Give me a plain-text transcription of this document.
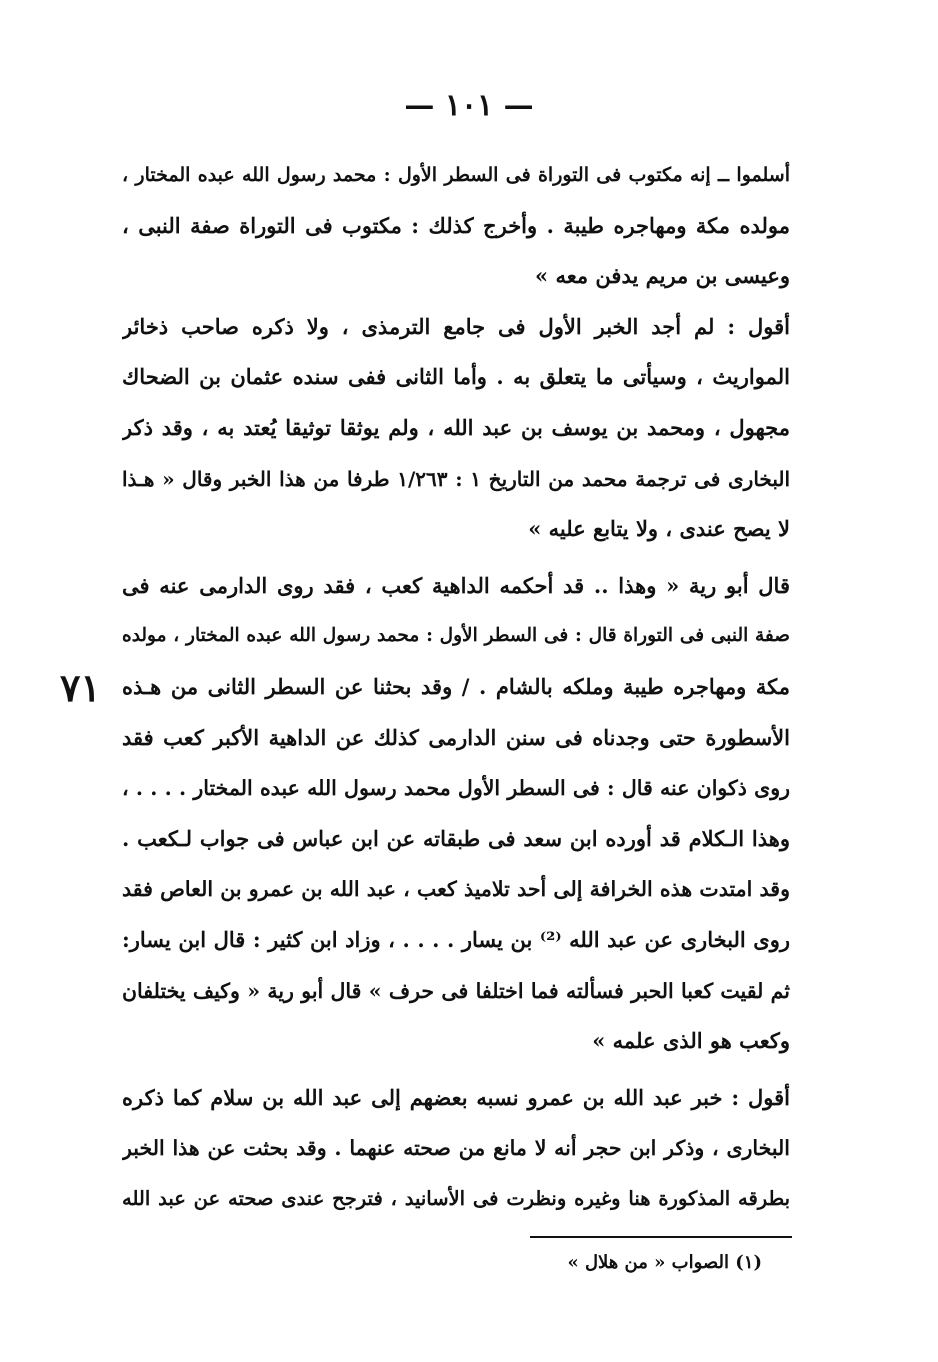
— ١٠١ —
٧١
أسلموا ــ إنه مكتوب فى التوراة فى السطر الأول : محمد رسول الله عبده المختار ،
مولده مكة ومهاجره طيبة . وأخرج كذلك : مكتوب فى التوراة صفة النبى ،
وعيسى بن مريم يدفن معه »
أقول : لم أجد الخبر الأول فى جامع الترمذى ، ولا ذكره صاحب ذخائر
المواريث ، وسيأتى ما يتعلق به . وأما الثانى ففى سنده عثمان بن الضحاك
مجهول ، ومحمد بن يوسف بن عبد الله ، ولم يوثقا توثيقا يُعتد به ، وقد ذكر
البخارى فى ترجمة محمد من التاريخ ١ : ١/٢٦٣ طرفا من هذا الخبر وقال « هـذا
لا يصح عندى ، ولا يتابع عليه »
قال أبو رية « وهذا .. قد أحكمه الداهية كعب ، فقد روى الدارمى عنه فى
صفة النبى فى التوراة قال : فى السطر الأول : محمد رسول الله عبده المختار ، مولده
مكة ومهاجره طيبة وملكه بالشام . / وقد بحثنا عن السطر الثانى من هـذه
الأسطورة حتى وجدناه فى سنن الدارمى كذلك عن الداهية الأكبر كعب فقد
روى ذكوان عنه قال : فى السطر الأول محمد رسول الله عبده المختار . . . . ،
وهذا الـكلام قد أورده ابن سعد فى طبقاته عن ابن عباس فى جواب لـكعب .
وقد امتدت هذه الخرافة إلى أحد تلاميذ كعب ، عبد الله بن عمرو بن العاص فقد
روى البخارى عن عبد الله ⁽²⁾ بن يسار . . . . ، وزاد ابن كثير : قال ابن يسار:
ثم لقيت كعبا الحبر فسألته فما اختلفا فى حرف » قال أبو رية « وكيف يختلفان
وكعب هو الذى علمه »
أقول : خبر عبد الله بن عمرو نسبه بعضهم إلى عبد الله بن سلام كما ذكره
البخارى ، وذكر ابن حجر أنه لا مانع من صحته عنهما . وقد بحثت عن هذا الخبر
بطرقه المذكورة هنا وغيره ونظرت فى الأسانيد ، فترجح عندى صحته عن عبد الله
(١) الصواب « من هلال »
